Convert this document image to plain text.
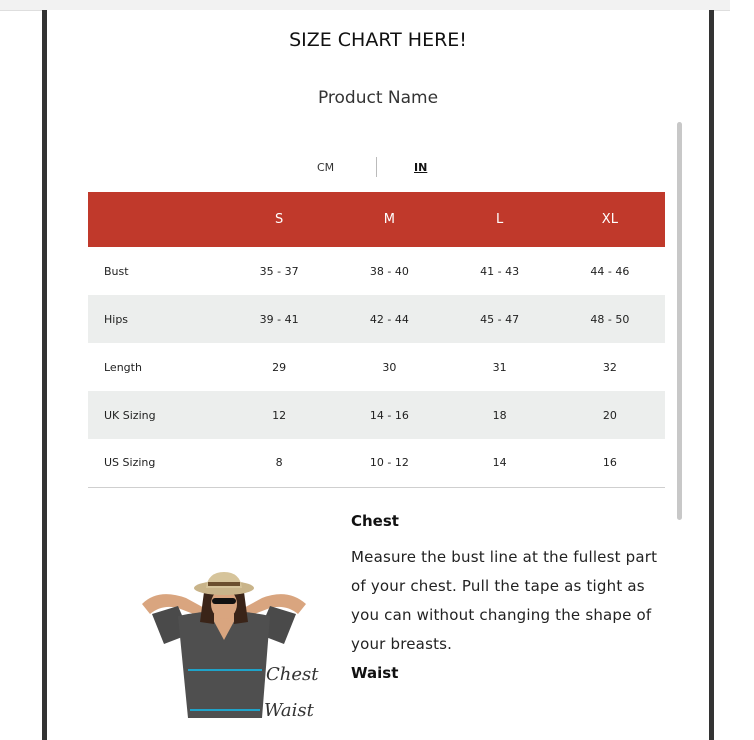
SIZE CHART HERE!
Product Name
CM	IN
	S	M	L	XL
Bust	35 - 37	38 - 40	41 - 43	44 - 46
Hips	39 - 41	42 - 44	45 - 47	48 - 50
Length	29	30	31	32
UK Sizing	12	14 - 16	18	20
US Sizing	8	10 - 12	14	16
Chest
Waist
Chest

Measure the bust line at the fullest part of your chest. Pull the tape as tight as you can without changing the shape of your breasts.

Waist
